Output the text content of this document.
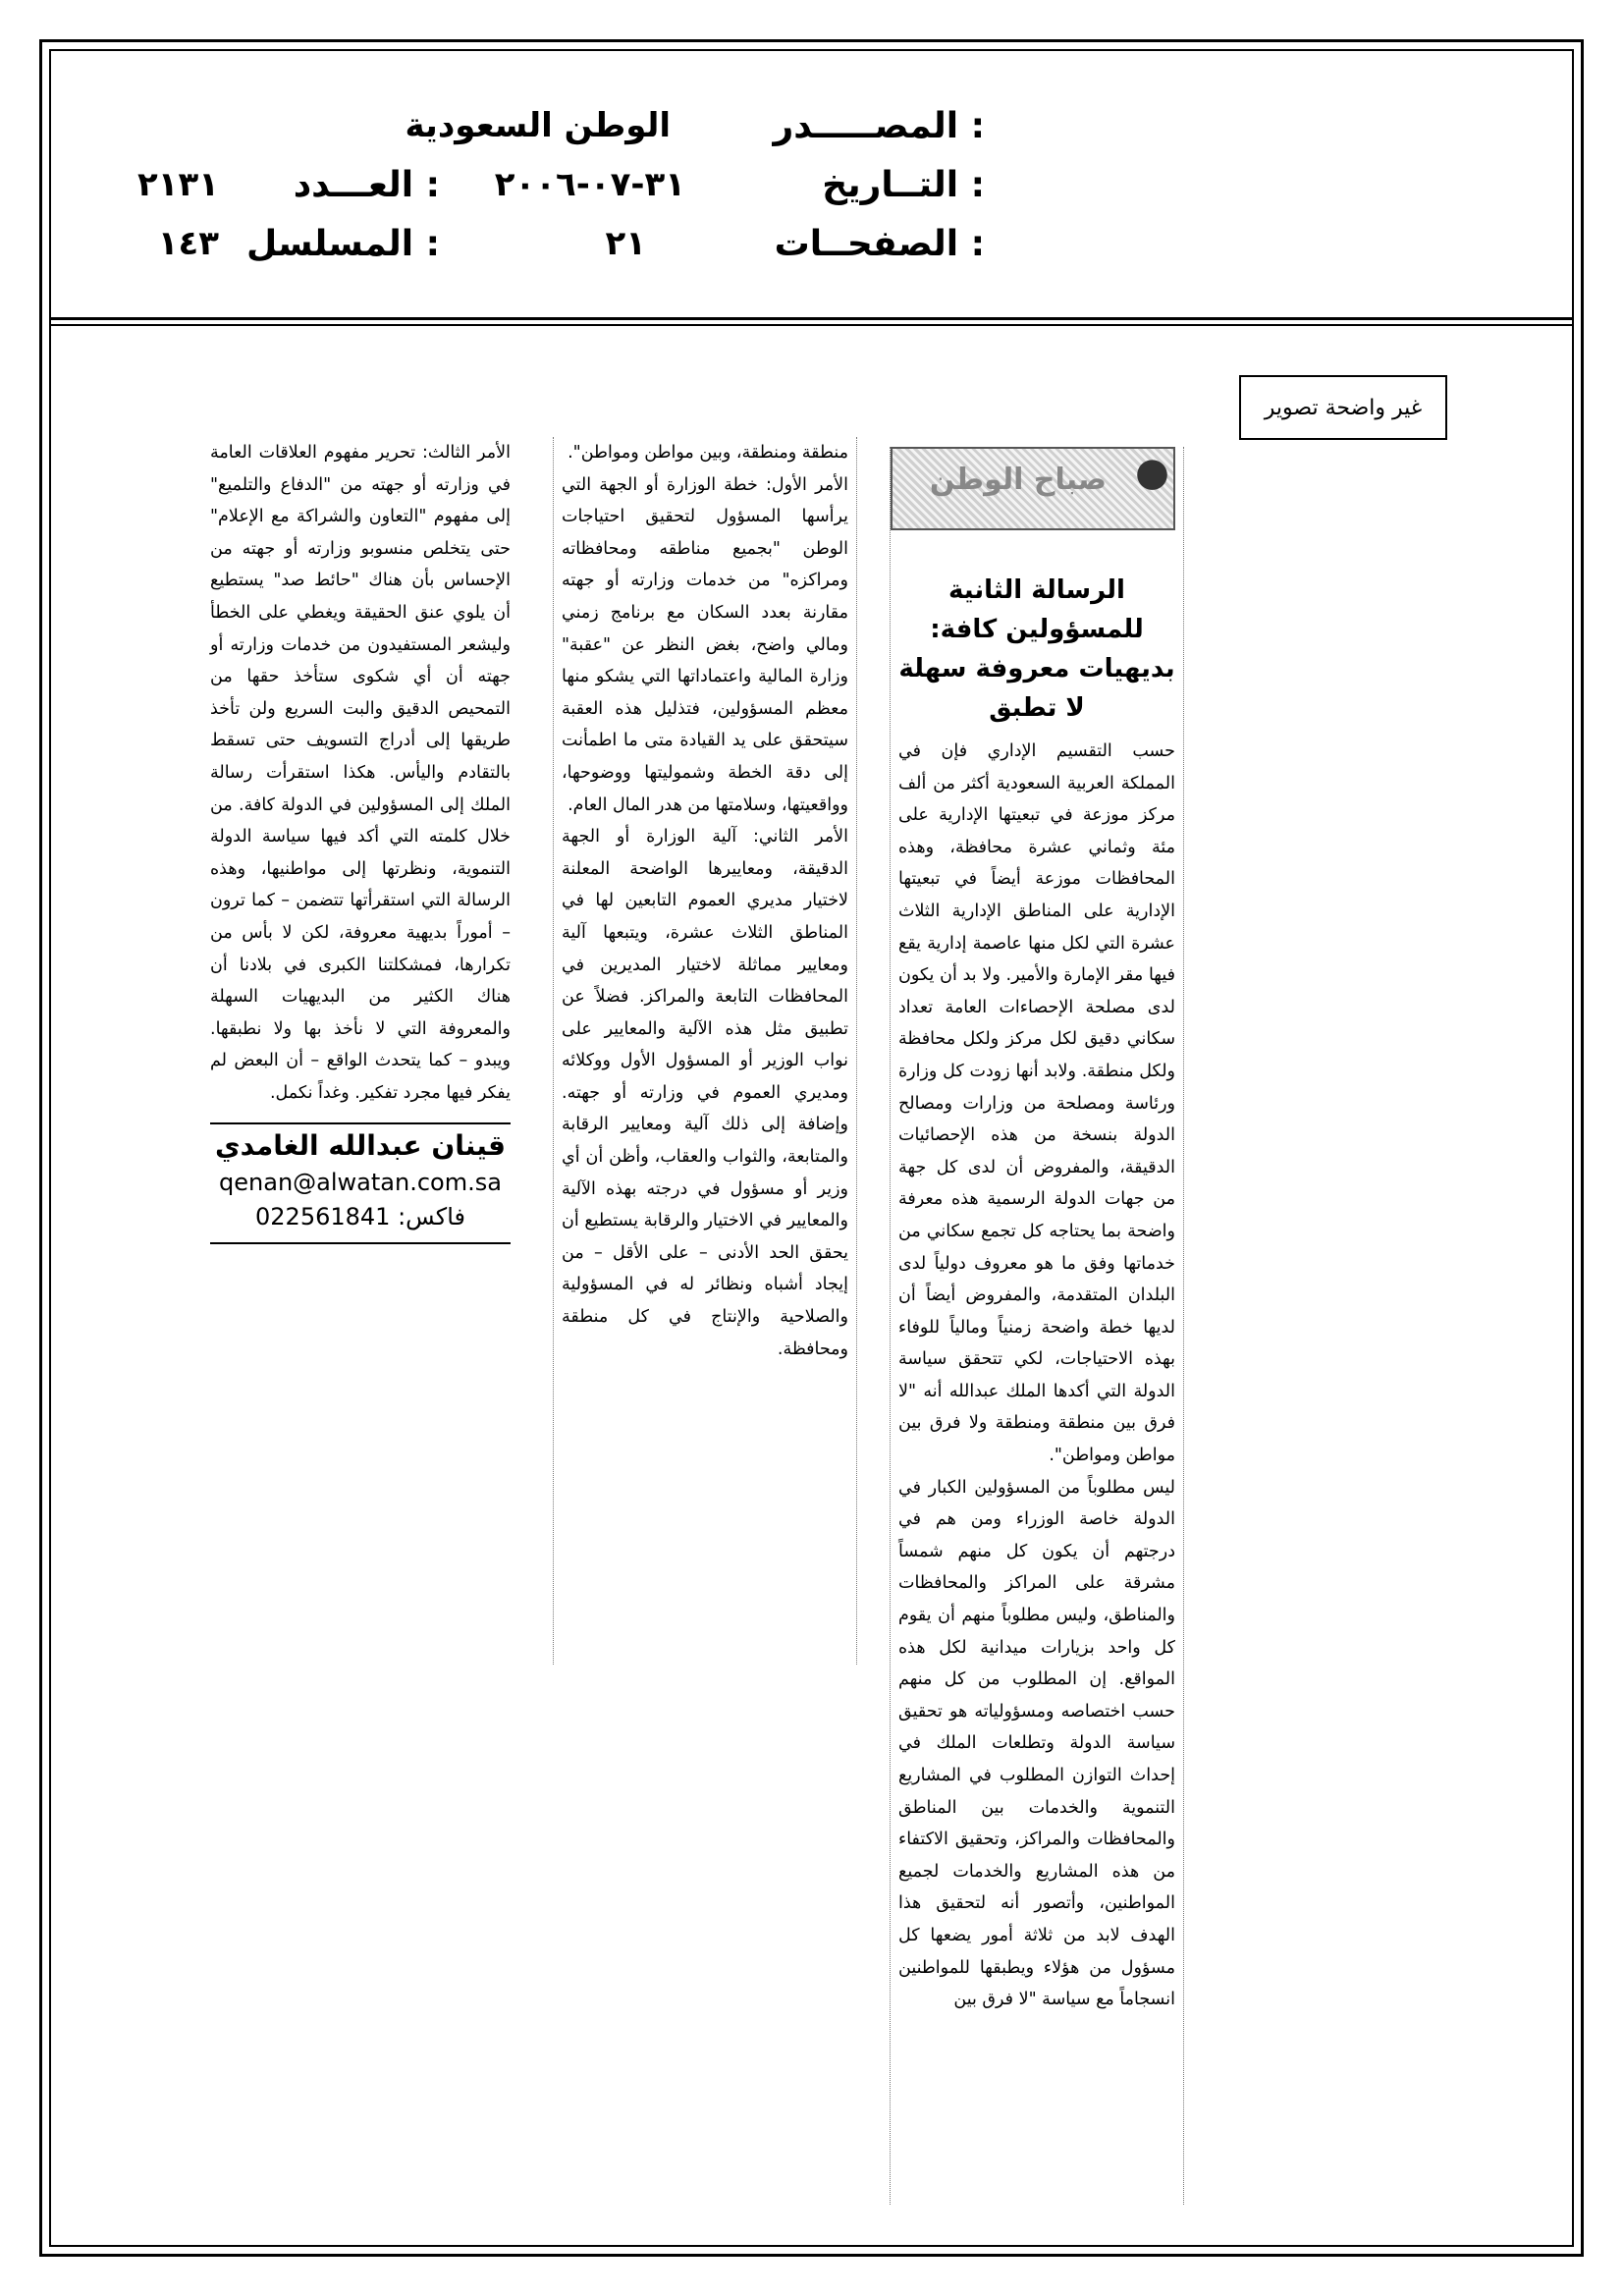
المصـــــدر :
الوطن السعودية
التــاريخ :
٣١-٠٧-٢٠٠٦
العـــدد :
٢١٣١
الصفحــات :
٢١
المسلسل :
١٤٣
غير واضحة تصوير
صباح الوطن ●
الرسالة الثانية للمسؤولين كافة:
بديهيات معروفة سهلة لا تطبق

حسب التقسيم الإداري فإن في المملكة العربية السعودية أكثر من ألف مركز موزعة في تبعيتها الإدارية على مئة وثماني عشرة محافظة، وهذه المحافظات موزعة أيضاً في تبعيتها الإدارية على المناطق الإدارية الثلاث عشرة التي لكل منها عاصمة إدارية يقع فيها مقر الإمارة والأمير. ولا بد أن يكون لدى مصلحة الإحصاءات العامة تعداد سكاني دقيق لكل مركز ولكل محافظة ولكل منطقة. ولابد أنها زودت كل وزارة ورئاسة ومصلحة من وزارات ومصالح الدولة بنسخة من هذه الإحصائيات الدقيقة، والمفروض أن لدى كل جهة من جهات الدولة الرسمية هذه معرفة واضحة بما يحتاجه كل تجمع سكاني من خدماتها وفق ما هو معروف دولياً لدى البلدان المتقدمة، والمفروض أيضاً أن لديها خطة واضحة زمنياً ومالياً للوفاء بهذه الاحتياجات، لكي تتحقق سياسة الدولة التي أكدها الملك عبدالله أنه "لا فرق بين منطقة ومنطقة ولا فرق بين مواطن ومواطن".

ليس مطلوباً من المسؤولين الكبار في الدولة خاصة الوزراء ومن هم في درجتهم أن يكون كل منهم شمساً مشرقة على المراكز والمحافظات والمناطق، وليس مطلوباً منهم أن يقوم كل واحد بزيارات ميدانية لكل هذه المواقع. إن المطلوب من كل منهم حسب اختصاصه ومسؤولياته هو تحقيق سياسة الدولة وتطلعات الملك في إحداث التوازن المطلوب في المشاريع التنموية والخدمات بين المناطق والمحافظات والمراكز، وتحقيق الاكتفاء من هذه المشاريع والخدمات لجميع المواطنين، وأتصور أنه لتحقيق هذا الهدف لابد من ثلاثة أمور يضعها كل مسؤول من هؤلاء ويطبقها للمواطنين انسجاماً مع سياسة "لا فرق بين

منطقة ومنطقة، وبين مواطن ومواطن".

الأمر الأول: خطة الوزارة أو الجهة التي يرأسها المسؤول لتحقيق احتياجات الوطن "بجميع مناطقه ومحافظاته ومراكزه" من خدمات وزارته أو جهته مقارنة بعدد السكان مع برنامج زمني ومالي واضح، بغض النظر عن "عقبة" وزارة المالية واعتماداتها التي يشكو منها معظم المسؤولين، فتذليل هذه العقبة سيتحقق على يد القيادة متى ما اطمأنت إلى دقة الخطة وشموليتها ووضوحها، وواقعيتها، وسلامتها من هدر المال العام.

الأمر الثاني: آلية الوزارة أو الجهة الدقيقة، ومعاييرها الواضحة المعلنة لاختيار مديري العموم التابعين لها في المناطق الثلاث عشرة، ويتبعها آلية ومعايير مماثلة لاختيار المديرين في المحافظات التابعة والمراكز. فضلاً عن تطبيق مثل هذه الآلية والمعايير على نواب الوزير أو المسؤول الأول ووكلائه ومديري العموم في وزارته أو جهته. وإضافة إلى ذلك آلية ومعايير الرقابة والمتابعة، والثواب والعقاب، وأظن أن أي وزير أو مسؤول في درجته بهذه الآلية والمعايير في الاختيار والرقابة يستطيع أن يحقق الحد الأدنى – على الأقل – من إيجاد أشباه ونظائر له في المسؤولية والصلاحية والإنتاج في كل منطقة ومحافظة.

الأمر الثالث: تحرير مفهوم العلاقات العامة في وزارته أو جهته من "الدفاع والتلميع" إلى مفهوم "التعاون والشراكة مع الإعلام" حتى يتخلص منسوبو وزارته أو جهته من الإحساس بأن هناك "حائط صد" يستطيع أن يلوي عنق الحقيقة ويغطي على الخطأ وليشعر المستفيدون من خدمات وزارته أو جهته أن أي شكوى ستأخذ حقها من التمحيص الدقيق والبت السريع ولن تأخذ طريقها إلى أدراج التسويف حتى تسقط بالتقادم واليأس. هكذا استقرأت رسالة الملك إلى المسؤولين في الدولة كافة. من خلال كلمته التي أكد فيها سياسة الدولة التنموية، ونظرتها إلى مواطنيها، وهذه الرسالة التي استقرأتها تتضمن – كما ترون – أموراً بديهية معروفة، لكن لا بأس من تكرارها، فمشكلتنا الكبرى في بلادنا أن هناك الكثير من البديهيات السهلة والمعروفة التي لا نأخذ بها ولا نطبقها. ويبدو – كما يتحدث الواقع – أن البعض لم يفكر فيها مجرد تفكير. وغداً نكمل.

قينان عبدالله الغامدي
qenan@alwatan.com.sa
فاكس: 022561841
